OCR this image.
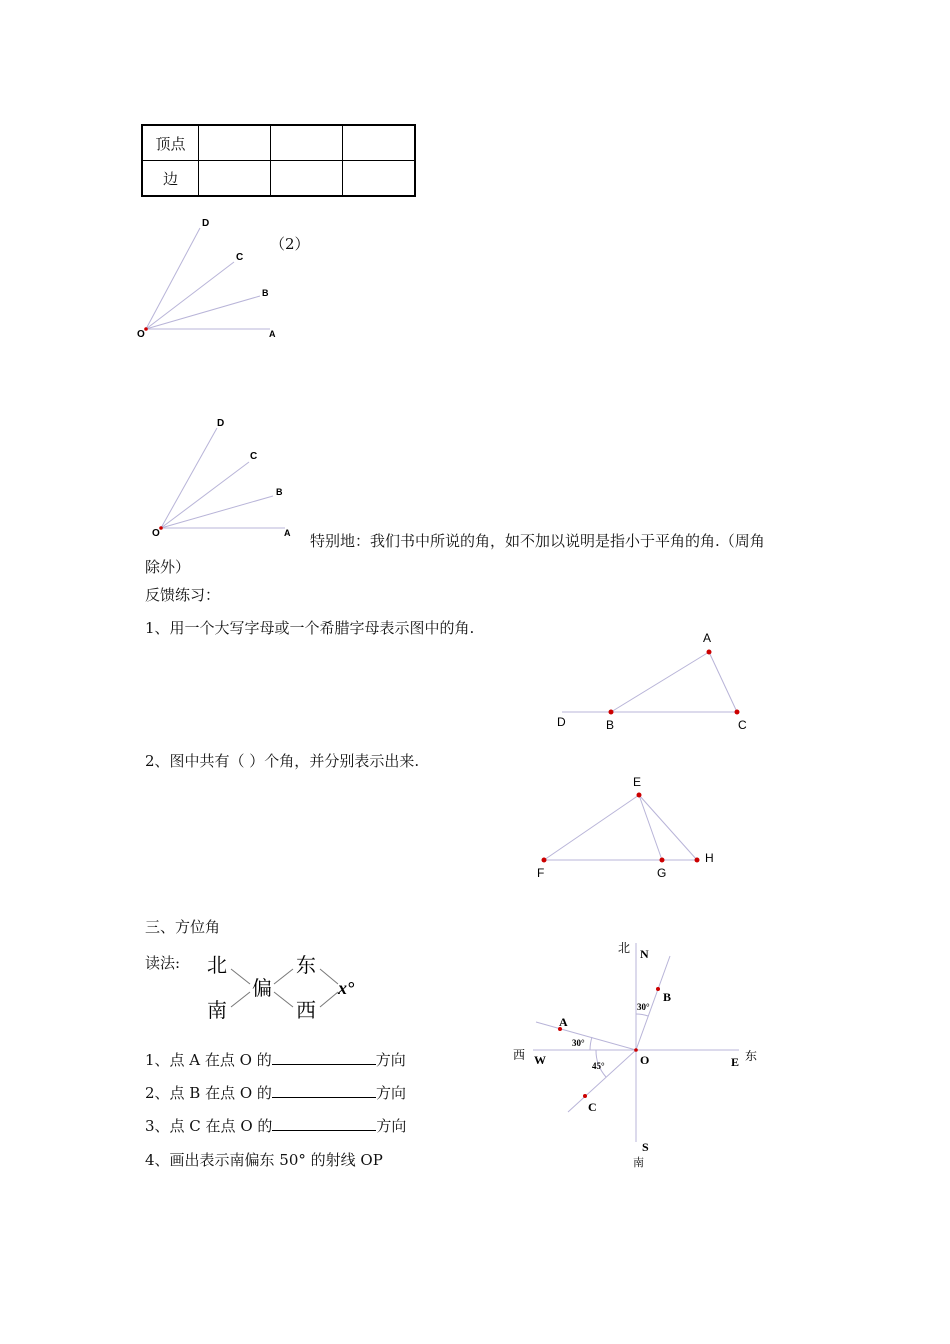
顶点			
边			
D
C
B
O	A
（2）
D
C
B
O	A 特别地：我们书中所说的角，如不加以说明是指小于平角的角.（周角
除外）
反馈练习：
1、用一个大写字母或一个希腊字母表示图中的角.
A
D	B	C
2、图中共有（ ）个角，并分别表示出来.
E
F	G
H
三、方位角
读法: 北
南
偏
东
西
x°
1、点 A 在点 O 的	方向
2、点 B 在点 O 的	方向
3、点 C 在点 O 的	方向
4、画出表示南偏东 50° 的射线 OP
北 N
西 W	E 东
O
S
南
B
A
C
30°
30°
45°
